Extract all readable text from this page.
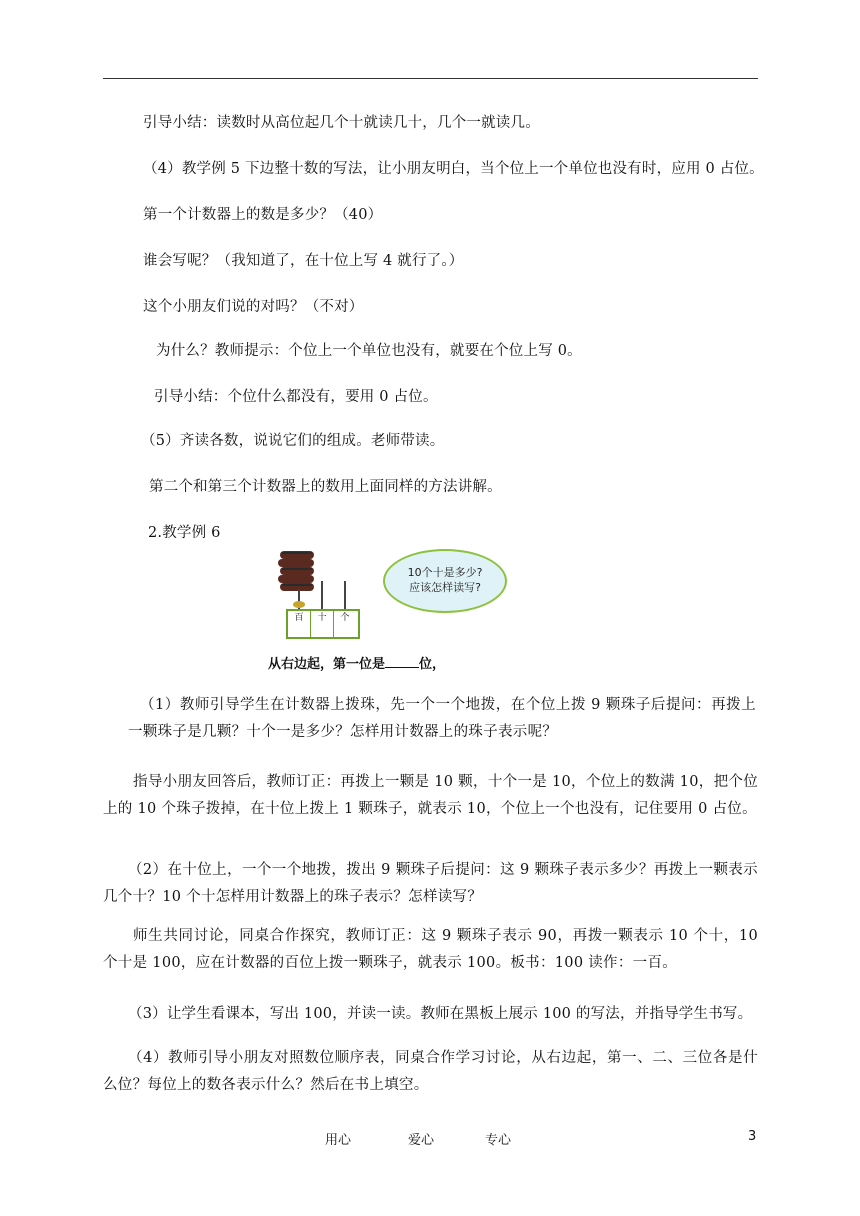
引导小结：读数时从高位起几个十就读几十，几个一就读几。
（4）教学例 5 下边整十数的写法，让小朋友明白，当个位上一个单位也没有时，应用 0 占位。
第一个计数器上的数是多少？（40）
谁会写呢？（我知道了，在十位上写 4 就行了。）
这个小朋友们说的对吗？（不对）
为什么？教师提示：个位上一个单位也没有，就要在个位上写 0。
引导小结：个位什么都没有，要用 0 占位。
（5）齐读各数，说说它们的组成。老师带读。
第二个和第三个计数器上的数用上面同样的方法讲解。
2.教学例 6
百	十	个
10个十是多少?
应该怎样读写?
从右边起，第一位是	位，
（1）教师引导学生在计数器上拨珠，先一个一个地拨，在个位上拨 9 颗珠子后提问：再拨上一颗珠子是几颗？十个一是多少？怎样用计数器上的珠子表示呢？
指导小朋友回答后，教师订正：再拨上一颗是 10 颗，十个一是 10，个位上的数满 10，把个位上的 10 个珠子拨掉，在十位上拨上 1 颗珠子，就表示 10，个位上一个也没有，记住要用 0 占位。
（2）在十位上，一个一个地拨，拨出 9 颗珠子后提问：这 9 颗珠子表示多少？再拨上一颗表示几个十？10 个十怎样用计数器上的珠子表示？怎样读写？
师生共同讨论，同桌合作探究，教师订正：这 9 颗珠子表示 90，再拨一颗表示 10 个十，10 个十是 100，应在计数器的百位上拨一颗珠子，就表示 100。板书：100 读作：一百。
（3）让学生看课本，写出 100，并读一读。教师在黑板上展示 100 的写法，并指导学生书写。
（4）教师引导小朋友对照数位顺序表，同桌合作学习讨论，从右边起，第一、二、三位各是什么位？每位上的数各表示什么？然后在书上填空。
用心	爱心	专心	3
